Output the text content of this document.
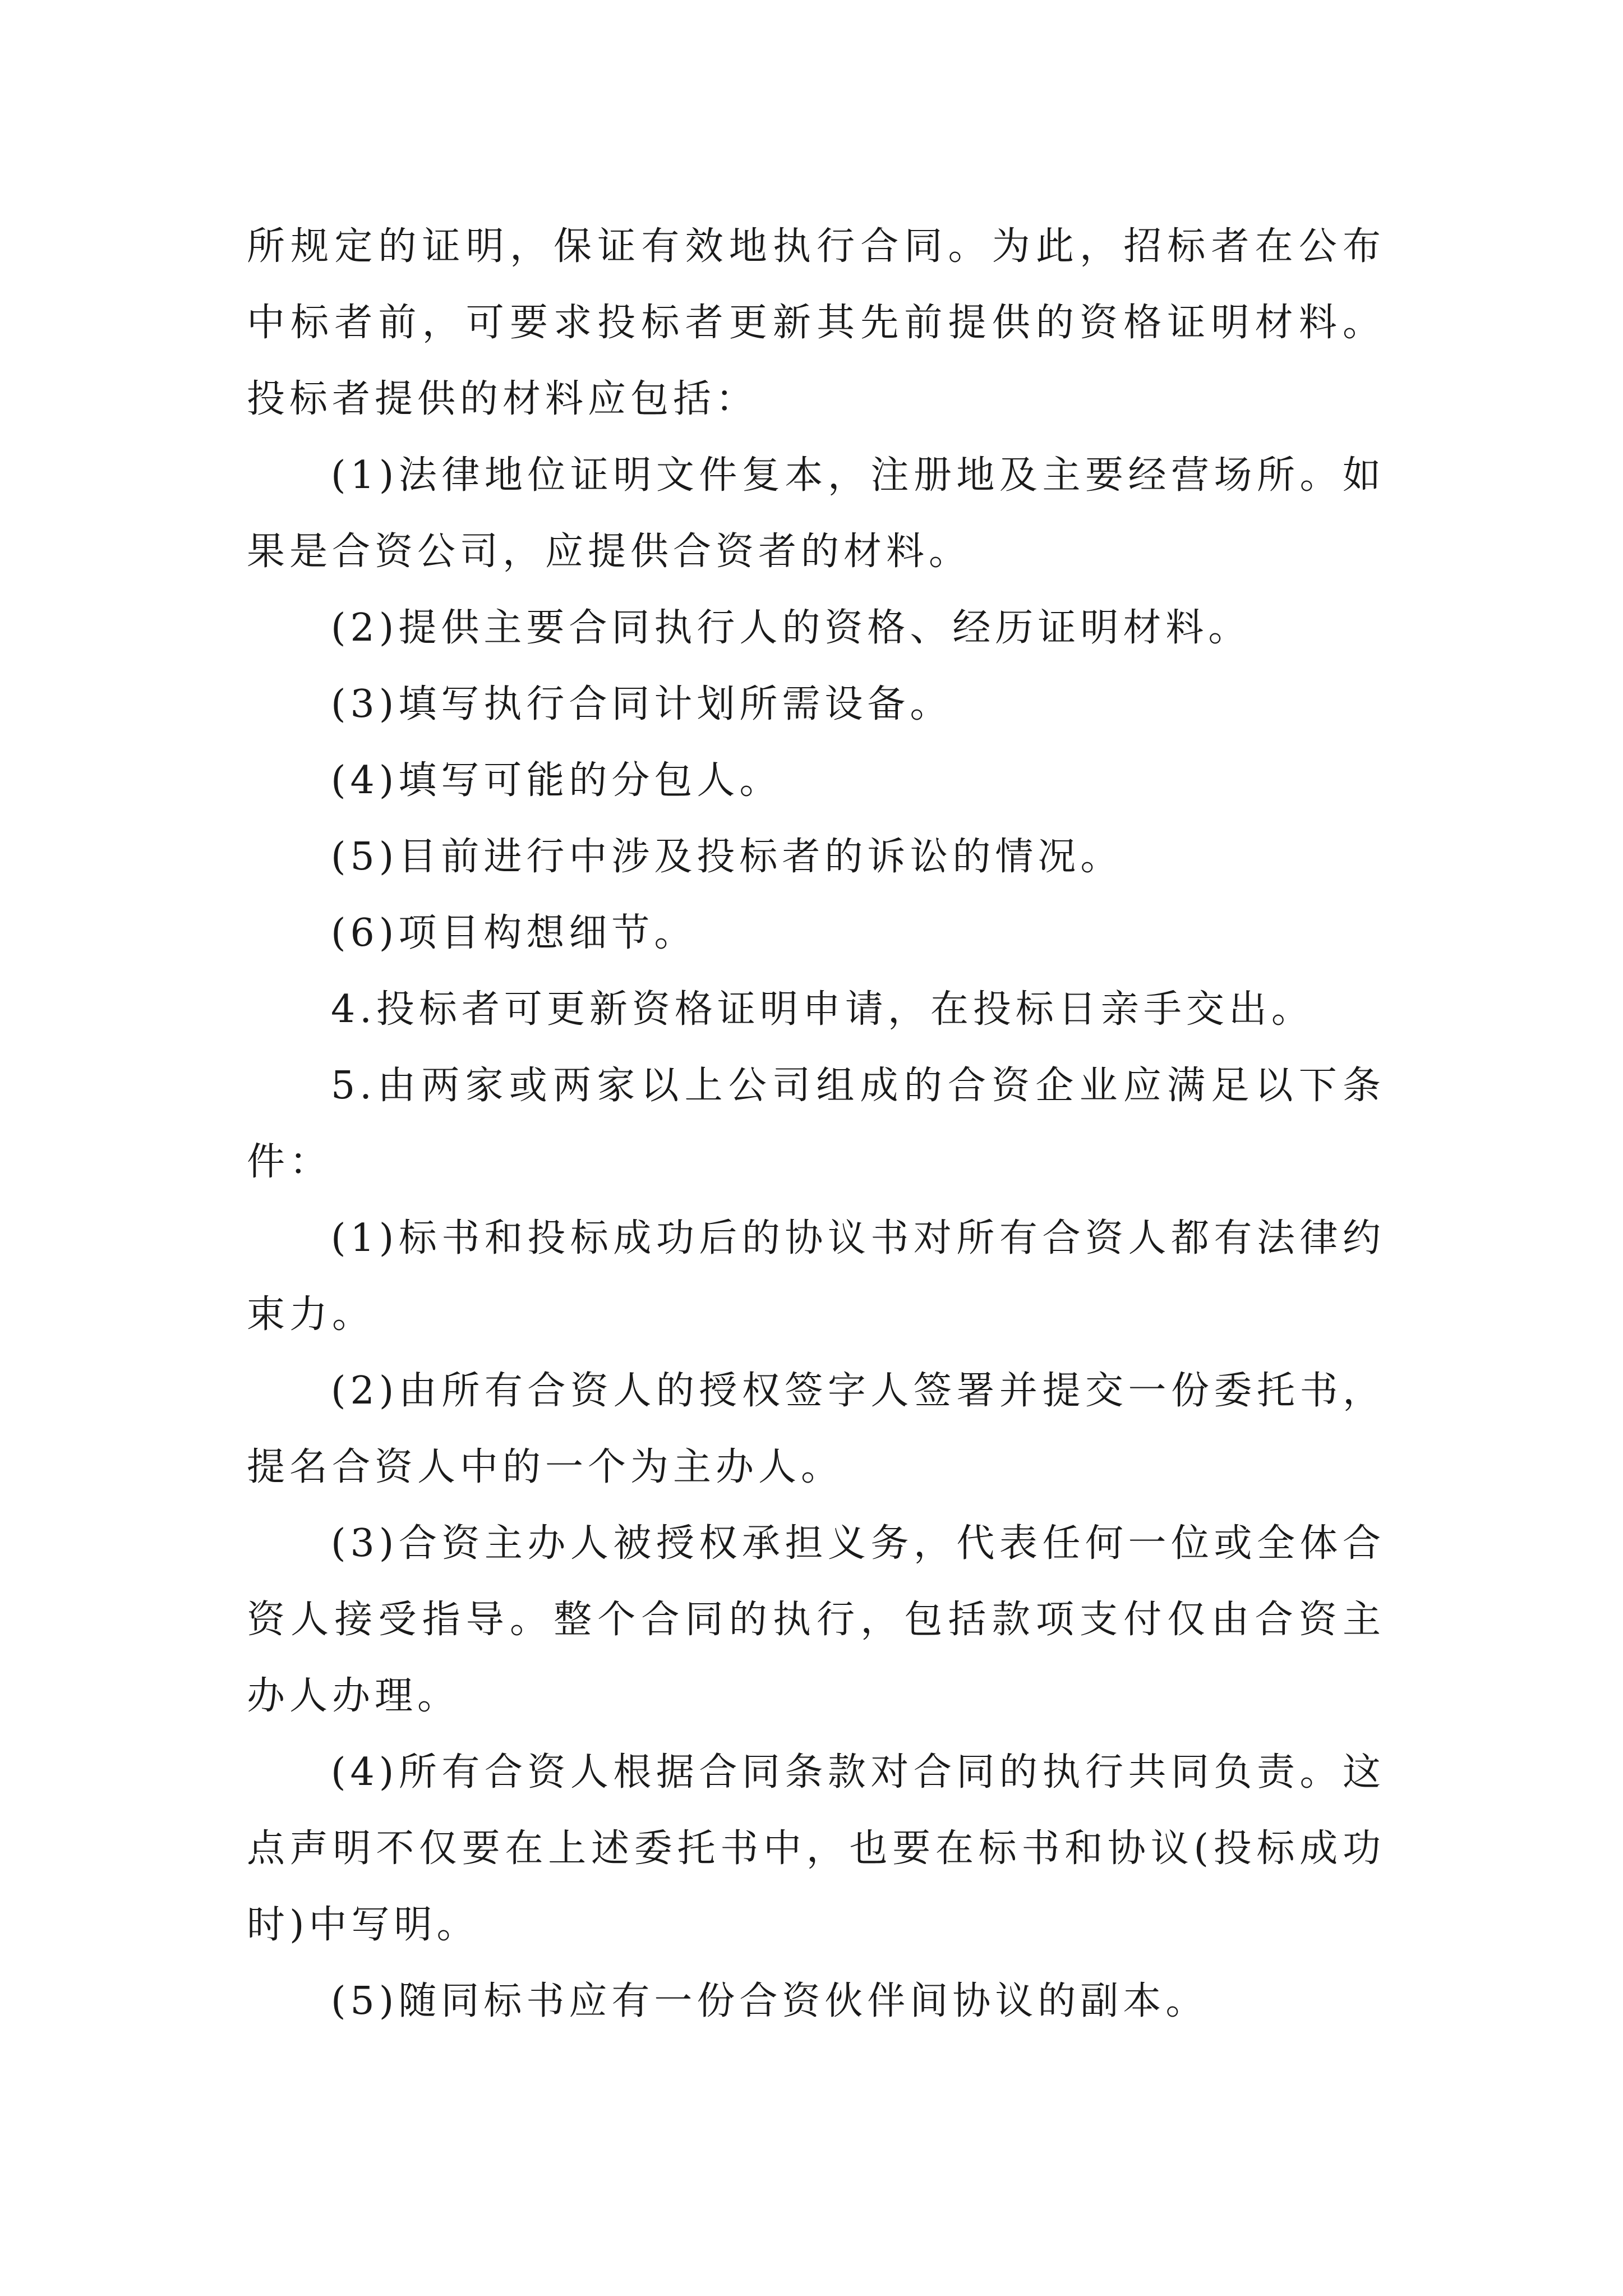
所规定的证明，保证有效地执行合同。为此，招标者在公布中标者前，可要求投标者更新其先前提供的资格证明材料。投标者提供的材料应包括：

(1)法律地位证明文件复本，注册地及主要经营场所。如果是合资公司，应提供合资者的材料。

(2)提供主要合同执行人的资格、经历证明材料。

(3)填写执行合同计划所需设备。

(4)填写可能的分包人。

(5)目前进行中涉及投标者的诉讼的情况。

(6)项目构想细节。

4.投标者可更新资格证明申请，在投标日亲手交出。

5.由两家或两家以上公司组成的合资企业应满足以下条件：

(1)标书和投标成功后的协议书对所有合资人都有法律约束力。

(2)由所有合资人的授权签字人签署并提交一份委托书，提名合资人中的一个为主办人。

(3)合资主办人被授权承担义务，代表任何一位或全体合资人接受指导。整个合同的执行，包括款项支付仅由合资主办人办理。

(4)所有合资人根据合同条款对合同的执行共同负责。这点声明不仅要在上述委托书中，也要在标书和协议(投标成功时)中写明。

(5)随同标书应有一份合资伙伴间协议的副本。
